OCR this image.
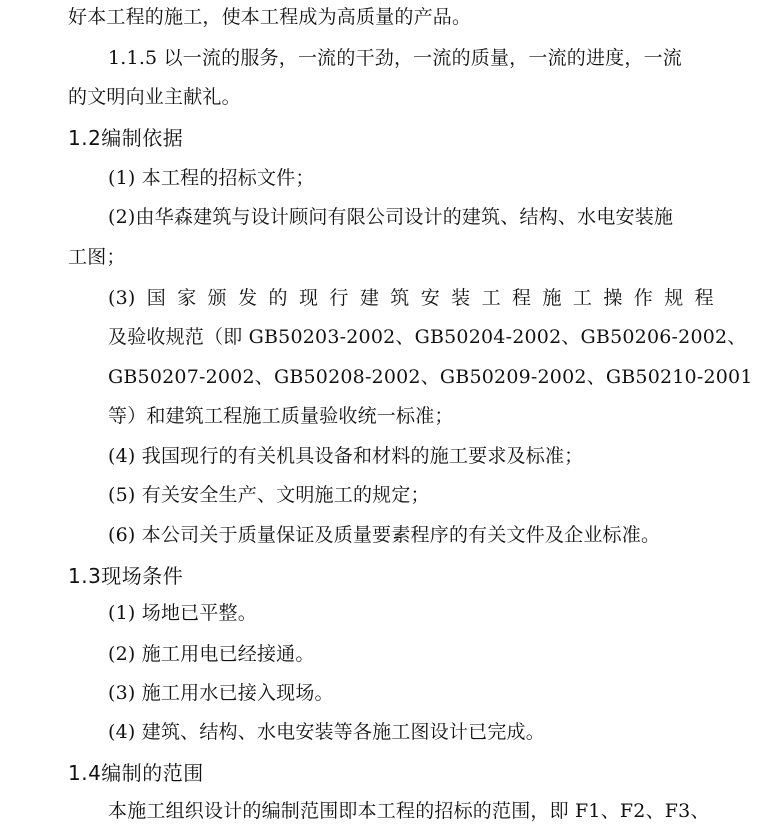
好本工程的施工，使本工程成为高质量的产品。
1.1.5 以一流的服务，一流的干劲，一流的质量，一流的进度，一流
的文明向业主献礼。
1.2编制依据
(1) 本工程的招标文件；
(2)由华森建筑与设计顾问有限公司设计的建筑、结构、水电安装施
工图；
(3) 国 家 颁 发 的 现 行 建 筑 安 装 工 程 施 工 操 作 规 程
及验收规范（即 GB50203-2002、GB50204-2002、GB50206-2002、
GB50207-2002、GB50208-2002、GB50209-2002、GB50210-2001
等）和建筑工程施工质量验收统一标准；
(4) 我国现行的有关机具设备和材料的施工要求及标准；
(5) 有关安全生产、文明施工的规定；
(6) 本公司关于质量保证及质量要素程序的有关文件及企业标准。
1.3现场条件
(1) 场地已平整。
(2) 施工用电已经接通。
(3) 施工用水已接入现场。
(4) 建筑、结构、水电安装等各施工图设计已完成。
1.4编制的范围
本施工组织设计的编制范围即本工程的招标的范围，即 F1、F2、F3、
